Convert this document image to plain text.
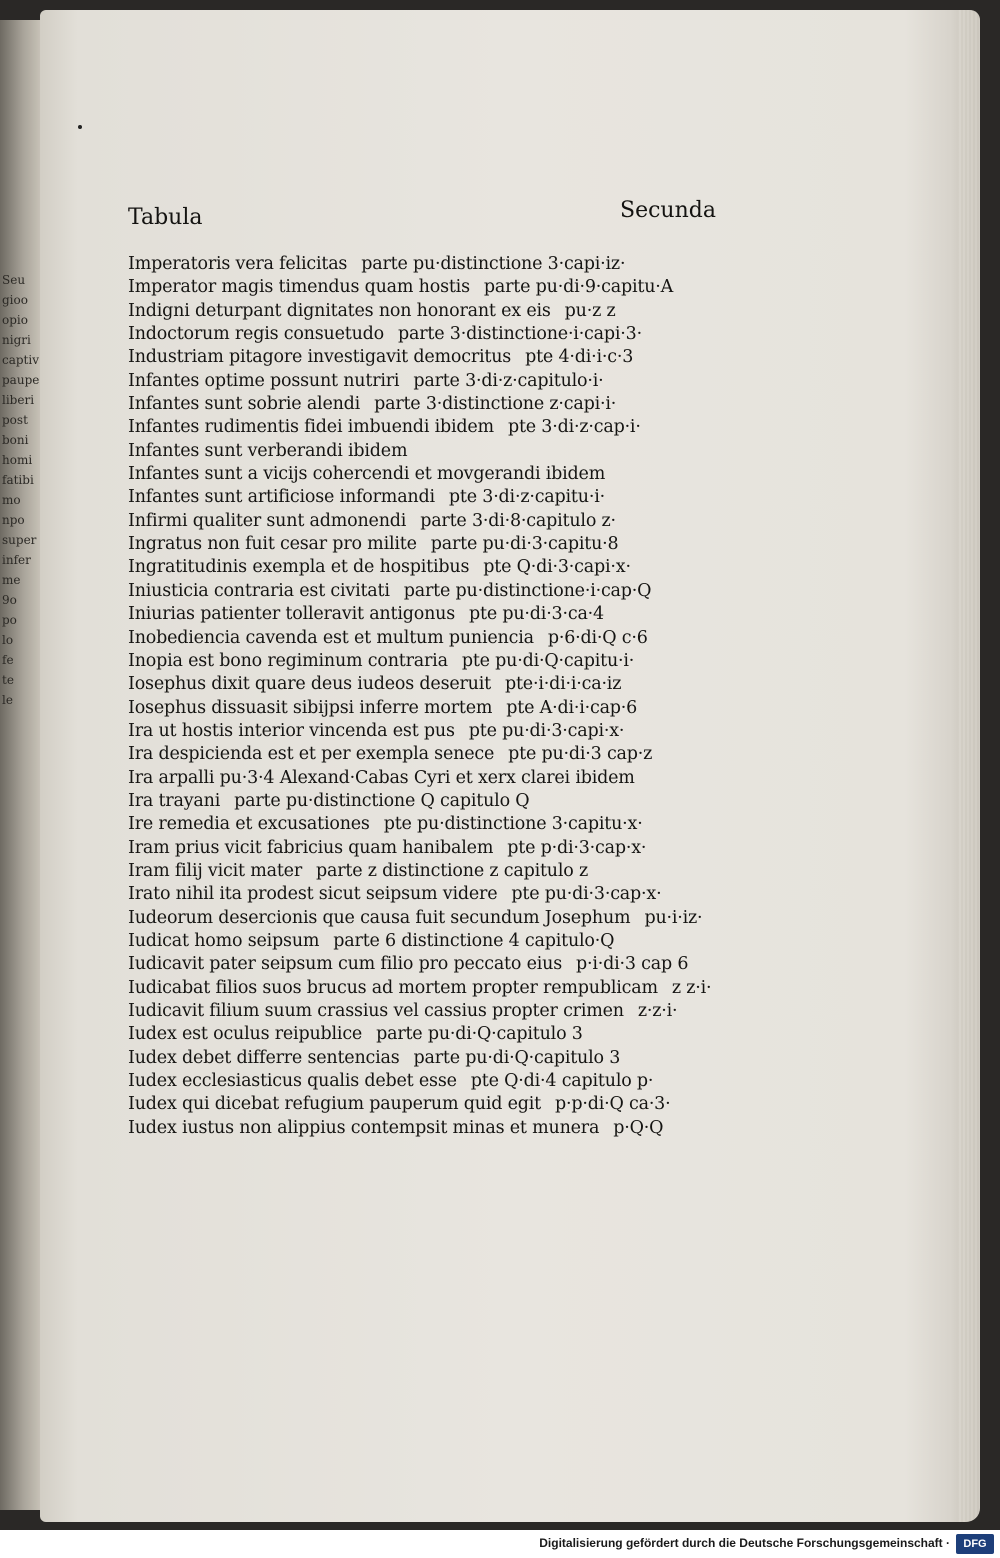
Seu
gioo
opio
nigri
captiv
paupe
liberi
post
boni
homi
fatibi
mo
npo
super
infer
me
9o
po
lo
fe
te
le
Tabula	Secunda
Imperatoris vera felicitas parte pu·distinctione 3·capi·iz·
Imperator magis timendus quam hostis parte pu·di·9·capitu·A
Indigni deturpant dignitates non honorant ex eis pu·z z
Indoctorum regis consuetudo parte 3·distinctione·i·capi·3·
Industriam pitagore investigavit democritus pte 4·di·i·c·3
Infantes optime possunt nutriri parte 3·di·z·capitulo·i·
Infantes sunt sobrie alendi parte 3·distinctione z·capi·i·
Infantes rudimentis fidei imbuendi ibidem pte 3·di·z·cap·i·
Infantes sunt verberandi ibidem
Infantes sunt a vicijs cohercendi et movgerandi ibidem
Infantes sunt artificiose informandi pte 3·di·z·capitu·i·
Infirmi qualiter sunt admonendi parte 3·di·8·capitulo z·
Ingratus non fuit cesar pro milite parte pu·di·3·capitu·8
Ingratitudinis exempla et de hospitibus pte Q·di·3·capi·x·
Iniusticia contraria est civitati parte pu·distinctione·i·cap·Q
Iniurias patienter tolleravit antigonus pte pu·di·3·ca·4
Inobediencia cavenda est et multum puniencia p·6·di·Q c·6
Inopia est bono regiminum contraria pte pu·di·Q·capitu·i·
Iosephus dixit quare deus iudeos deseruit pte·i·di·i·ca·iz
Iosephus dissuasit sibijpsi inferre mortem pte A·di·i·cap·6
Ira ut hostis interior vincenda est pus pte pu·di·3·capi·x·
Ira despicienda est et per exempla senece pte pu·di·3 cap·z
Ira arpalli pu·3·4 Alexand·Cabas Cyri et xerx clarei ibidem
Ira trayani parte pu·distinctione Q capitulo Q
Ire remedia et excusationes pte pu·distinctione 3·capitu·x·
Iram prius vicit fabricius quam hanibalem pte p·di·3·cap·x·
Iram filij vicit mater parte z distinctione z capitulo z
Irato nihil ita prodest sicut seipsum videre pte pu·di·3·cap·x·
Iudeorum desercionis que causa fuit secundum Josephum pu·i·iz·
Iudicat homo seipsum parte 6 distinctione 4 capitulo·Q
Iudicavit pater seipsum cum filio pro peccato eius p·i·di·3 cap 6
Iudicabat filios suos brucus ad mortem propter rempublicam z z·i·
Iudicavit filium suum crassius vel cassius propter crimen z·z·i·
Iudex est oculus reipublice parte pu·di·Q·capitulo 3
Iudex debet differre sentencias parte pu·di·Q·capitulo 3
Iudex ecclesiasticus qualis debet esse pte Q·di·4 capitulo p·
Iudex qui dicebat refugium pauperum quid egit p·p·di·Q ca·3·
Iudex iustus non alippius contempsit minas et munera p·Q·Q
Digitalisierung gefördert durch die Deutsche Forschungsgemeinschaft ·	DFG
